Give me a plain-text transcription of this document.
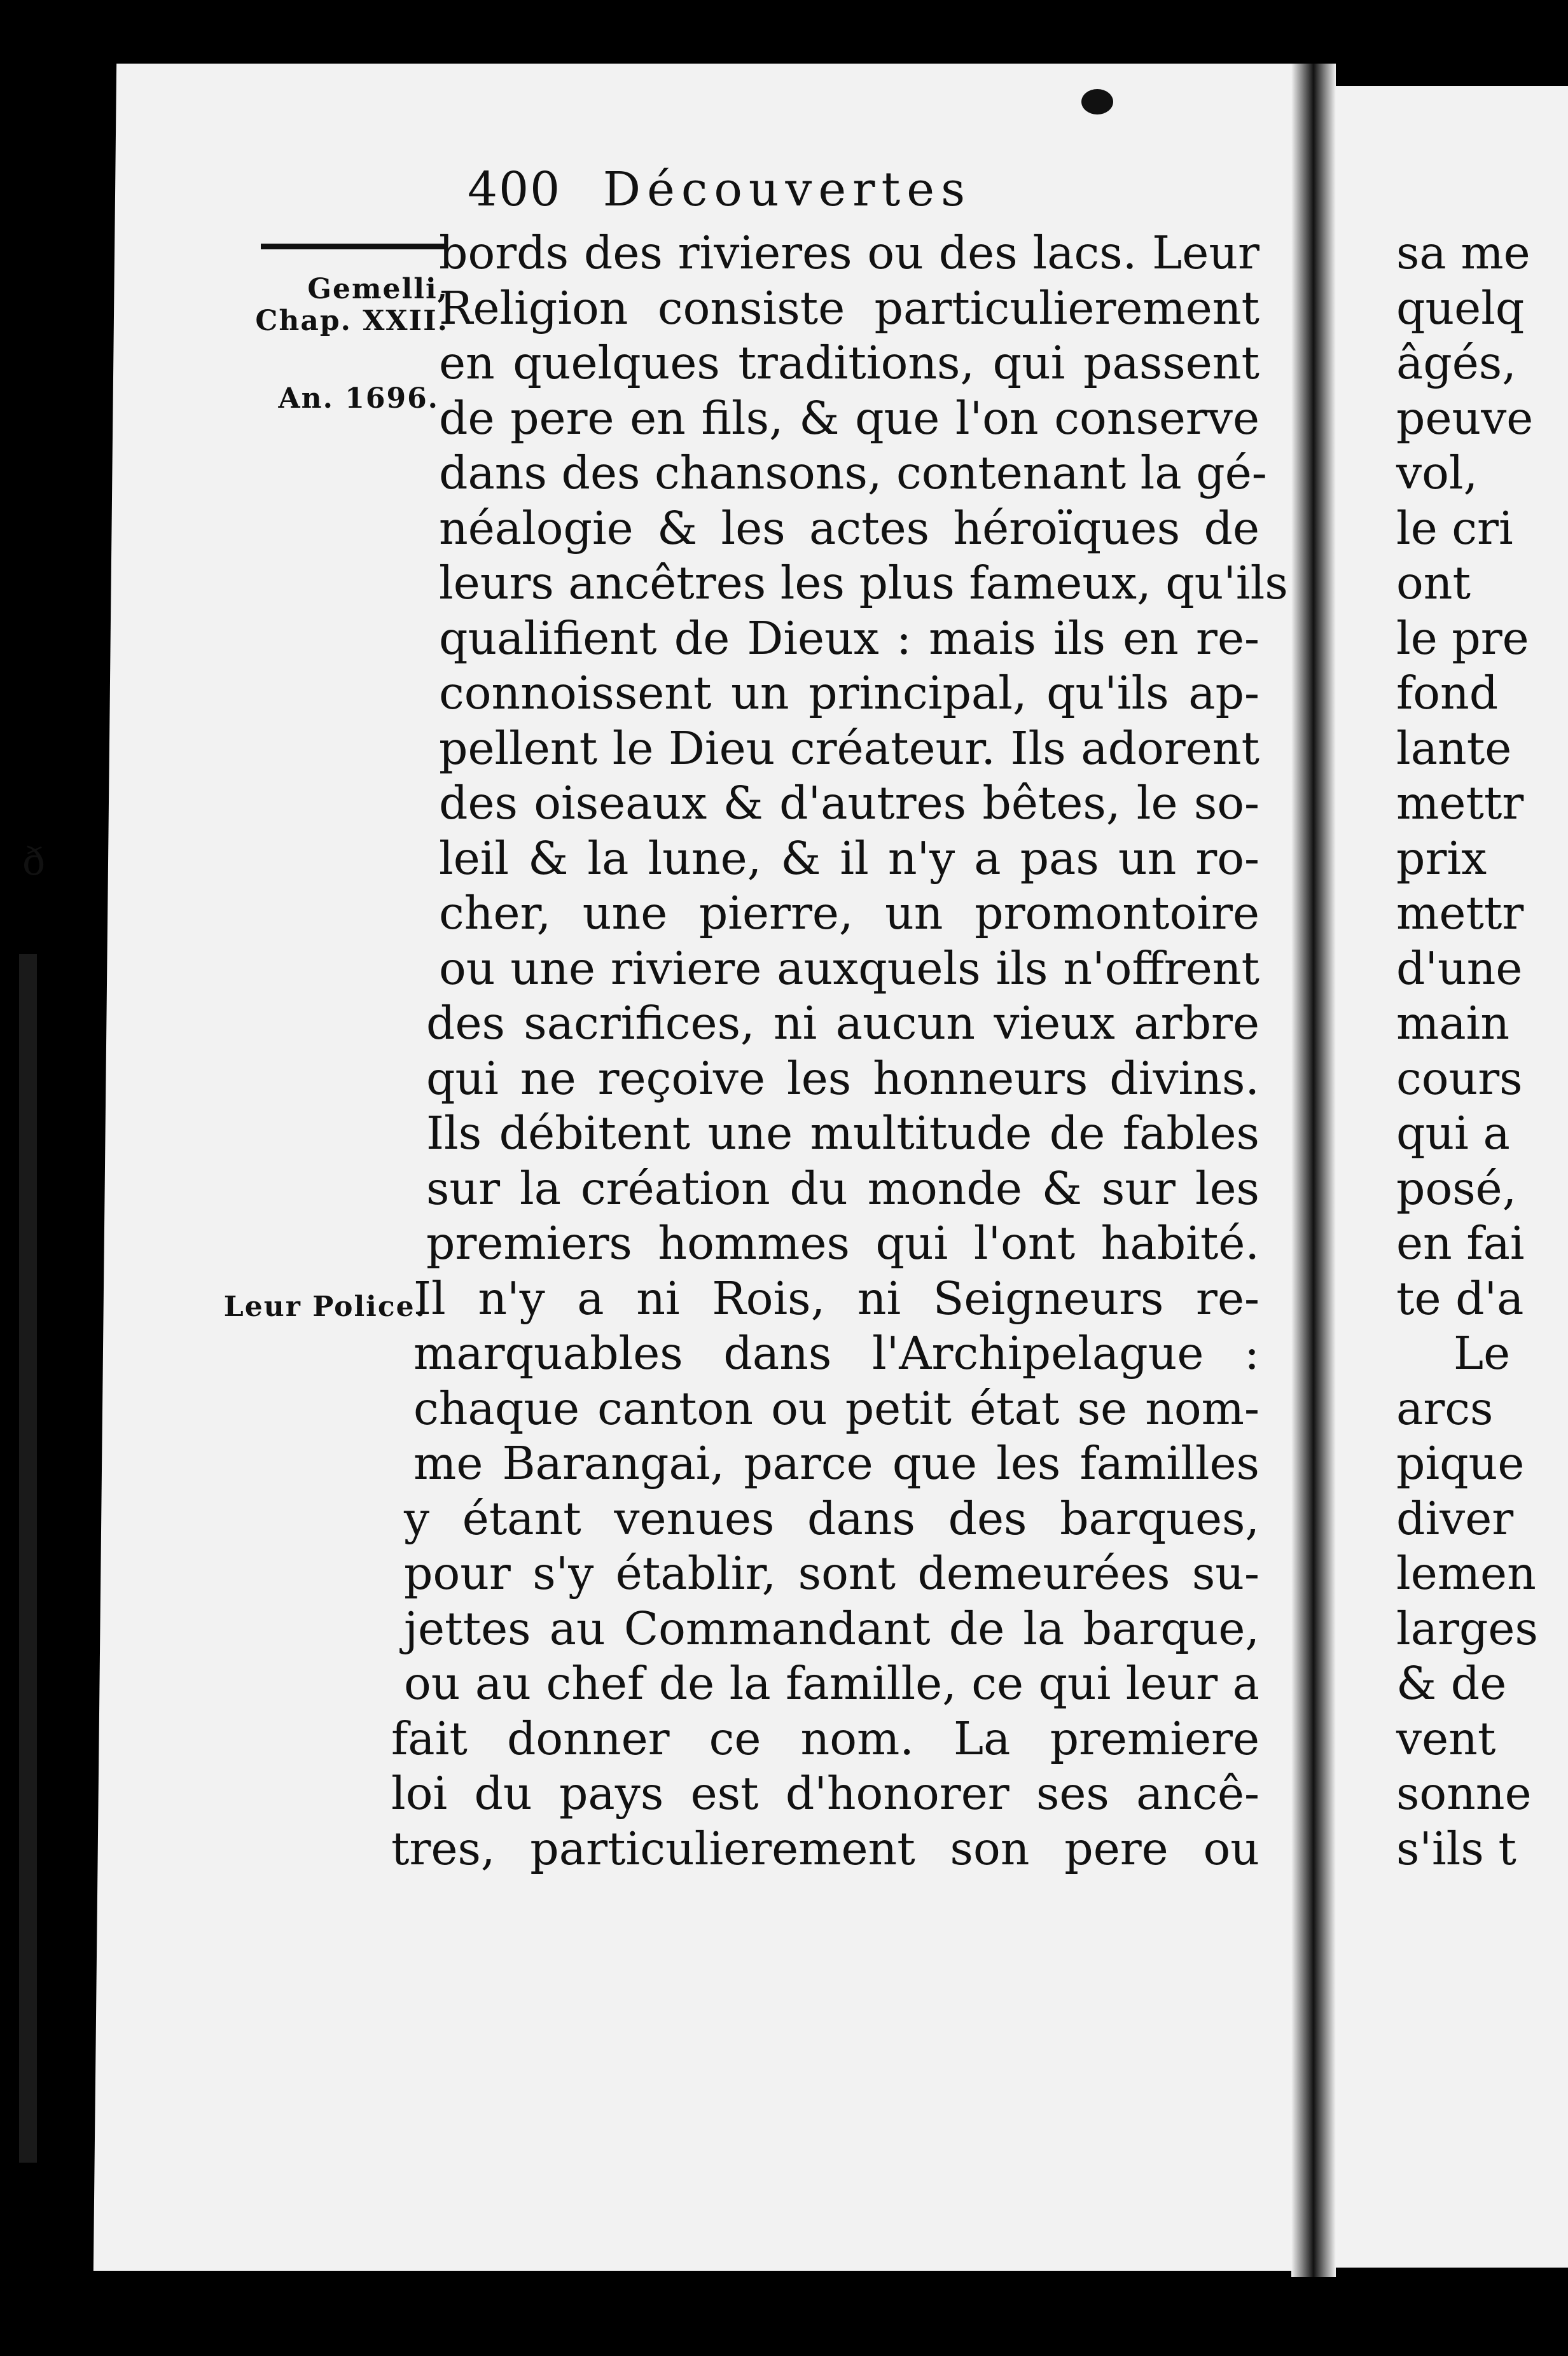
ð
400 Découvertes
Gemelli,
Chap. XXII.
An. 1696.
Leur Police.
bords des rivieres ou des lacs. Leur
Religion consiste particulierement
en quelques traditions, qui passent
de pere en fils, & que l'on conserve
dans des chansons, contenant la gé-
néalogie & les actes héroïques de
leurs ancêtres les plus fameux, qu'ils
qualifient de Dieux : mais ils en re-
connoissent un principal, qu'ils ap-
pellent le Dieu créateur. Ils adorent
des oiseaux & d'autres bêtes, le so-
leil & la lune, & il n'y a pas un ro-
cher, une pierre, un promontoire
ou une riviere auxquels ils n'offrent
des sacrifices, ni aucun vieux arbre
qui ne reçoive les honneurs divins.
Ils débitent une multitude de fables
sur la création du monde & sur les
premiers hommes qui l'ont habité.
Il n'y a ni Rois, ni Seigneurs re-
marquables dans l'Archipelague :
chaque canton ou petit état se nom-
me Barangai, parce que les familles
y étant venues dans des barques,
pour s'y établir, sont demeurées su-
jettes au Commandant de la barque,
ou au chef de la famille, ce qui leur a
fait donner ce nom. La premiere
loi du pays est d'honorer ses ancê-
tres, particulierement son pere ou
sa me
quelq
âgés,
peuve
vol,
le cri
ont
le pre
fond
lante
mettr
prix
mettr
d'une
main
cours
qui a
posé,
en fai
te d'a
Le
arcs
pique
diver
lemen
larges
& de
vent
sonne
s'ils t
